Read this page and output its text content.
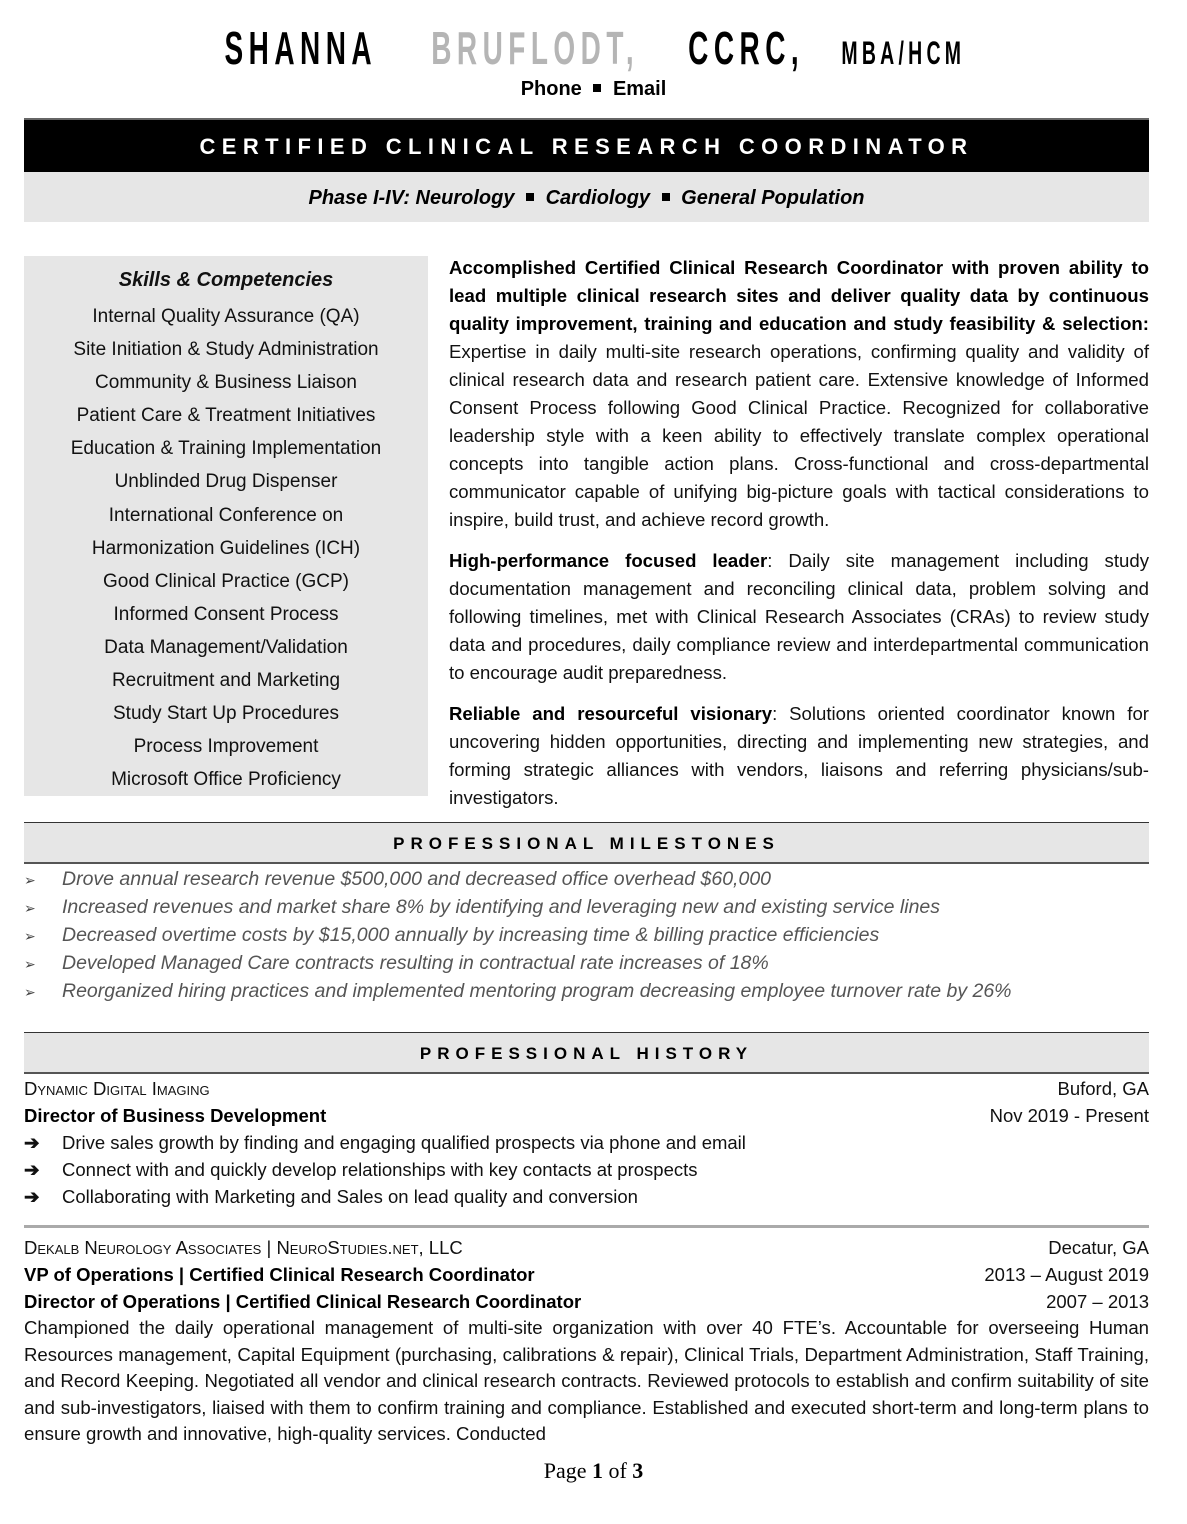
SHANNA BRUFLODT, CCRC, MBA/HCM
Phone Email
CERTIFIED CLINICAL RESEARCH COORDINATOR
Phase I-IV: Neurology Cardiology General Population
Skills & Competencies
Internal Quality Assurance (QA)
Site Initiation & Study Administration
Community & Business Liaison
Patient Care & Treatment Initiatives
Education & Training Implementation
Unblinded Drug Dispenser
International Conference on
Harmonization Guidelines (ICH)
Good Clinical Practice (GCP)
Informed Consent Process
Data Management/Validation
Recruitment and Marketing
Study Start Up Procedures
Process Improvement
Microsoft Office Proficiency

Accomplished Certified Clinical Research Coordinator with proven ability to lead multiple clinical research sites and deliver quality data by continuous quality improvement, training and education and study feasibility & selection: Expertise in daily multi-site research operations, confirming quality and validity of clinical research data and research patient care. Extensive knowledge of Informed Consent Process following Good Clinical Practice. Recognized for collaborative leadership style with a keen ability to effectively translate complex operational concepts into tangible action plans. Cross-functional and cross-departmental communicator capable of unifying big-picture goals with tactical considerations to inspire, build trust, and achieve record growth.

High-performance focused leader: Daily site management including study documentation management and reconciling clinical data, problem solving and following timelines, met with Clinical Research Associates (CRAs) to review study data and procedures, daily compliance review and interdepartmental communication to encourage audit preparedness.

Reliable and resourceful visionary: Solutions oriented coordinator known for uncovering hidden opportunities, directing and implementing new strategies, and forming strategic alliances with vendors, liaisons and referring physicians/sub-investigators.

PROFESSIONAL MILESTONES
➢ Drove annual research revenue $500,000 and decreased office overhead $60,000
➢ Increased revenues and market share 8% by identifying and leveraging new and existing service lines
➢ Decreased overtime costs by $15,000 annually by increasing time & billing practice efficiencies
➢ Developed Managed Care contracts resulting in contractual rate increases of 18%
➢ Reorganized hiring practices and implemented mentoring program decreasing employee turnover rate by 26%
PROFESSIONAL HISTORY
Dynamic Digital Imaging	Buford, GA
Director of Business Development	Nov 2019 - Present
➔ Drive sales growth by finding and engaging qualified prospects via phone and email
➔ Connect with and quickly develop relationships with key contacts at prospects
➔ Collaborating with Marketing and Sales on lead quality and conversion
Dekalb Neurology Associates | NeuroStudies.net, LLC	Decatur, GA
VP of Operations | Certified Clinical Research Coordinator	2013 – August 2019
Director of Operations | Certified Clinical Research Coordinator	2007 – 2013
Championed the daily operational management of multi-site organization with over 40 FTE’s. Accountable for overseeing Human Resources management, Capital Equipment (purchasing, calibrations & repair), Clinical Trials, Department Administration, Staff Training, and Record Keeping. Negotiated all vendor and clinical research contracts. Reviewed protocols to establish and confirm suitability of site and sub-investigators, liaised with them to confirm training and compliance. Established and executed short-term and long-term plans to ensure growth and innovative, high-quality services. Conducted
Page 1 of 3
